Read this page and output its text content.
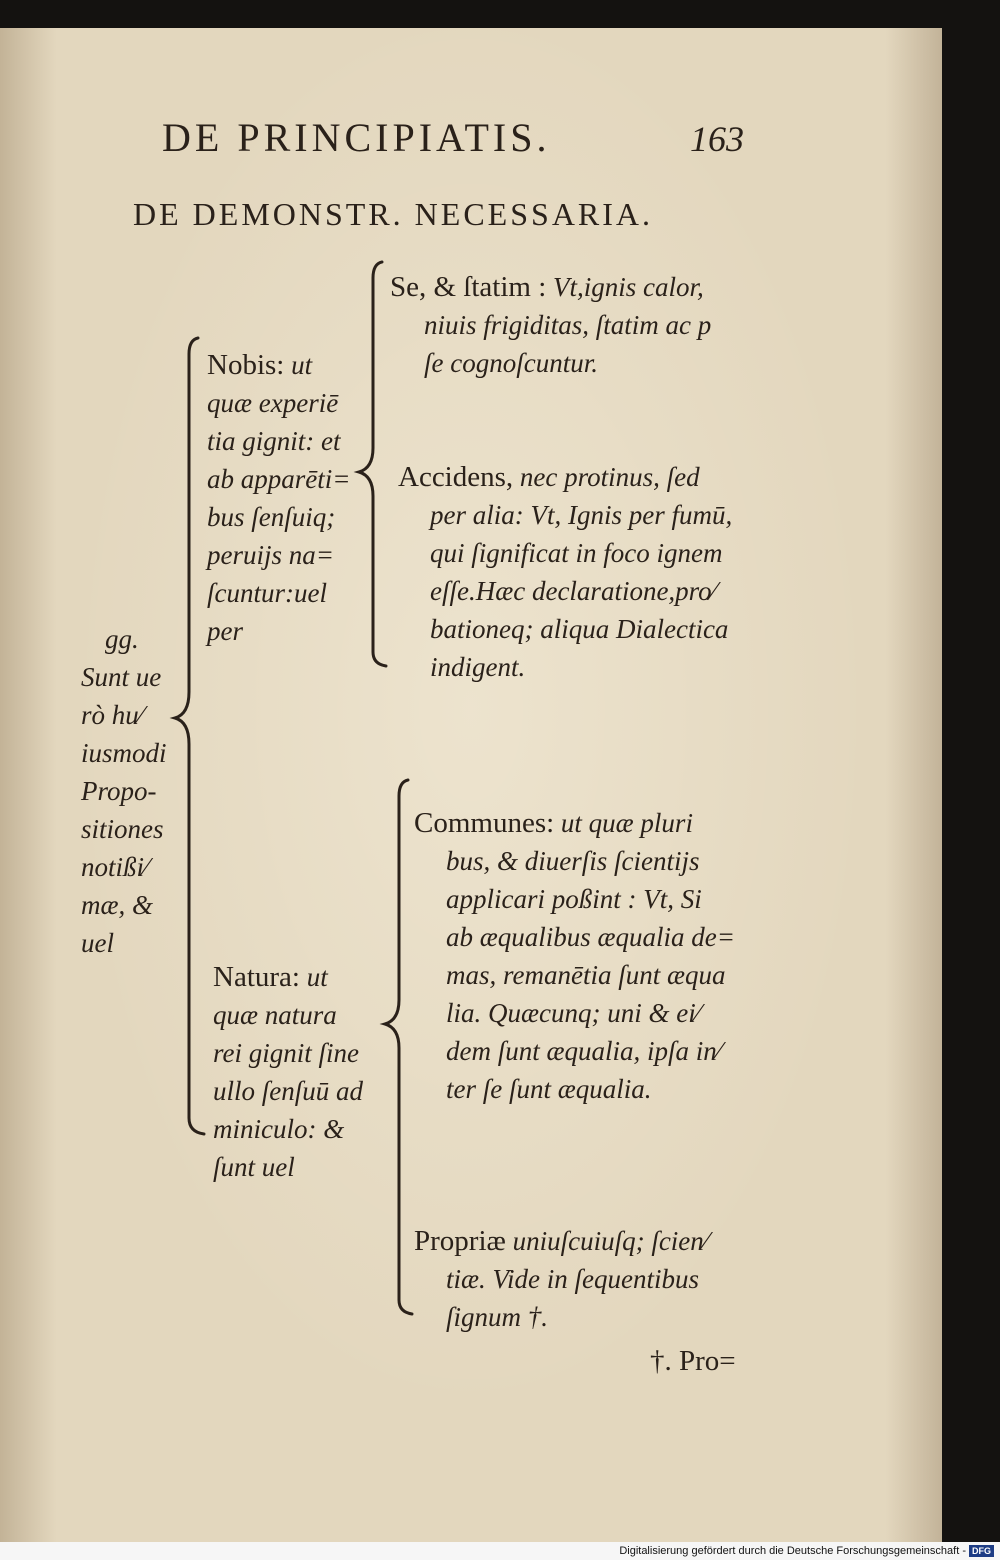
DE PRINCIPIATIS.	163
DE DEMONSTR. NECESSARIA.
gg.
Sunt ue
rò hu⁄
iusmodi
Propo-
sitiones
notißi⁄
mæ, &
uel
Nobis: ut
quæ experiē
tia gignit: et
ab apparēti=
bus ſenſuiq;
peruijs na=
ſcuntur:uel
per
Se, & ſtatim : Vt,ignis calor,
niuis frigiditas, ſtatim ac p
ſe cognoſcuntur.
Accidens, nec protinus, ſed
per alia: Vt, Ignis per fumū,
qui ſignificat in foco ignem
eſſe.Hæc declaratione,pro⁄
bationeq; aliqua Dialectica
indigent.
Natura: ut
quæ natura
rei gignit ſine
ullo ſenſuū ad
miniculo: &
ſunt uel
Communes: ut quæ pluri
bus, & diuerſis ſcientijs
applicari poßint : Vt, Si
ab æqualibus æqualia de=
mas, remanētia ſunt æqua
lia. Quæcunq; uni & ei⁄
dem ſunt æqualia, ipſa in⁄
ter ſe ſunt æqualia.
Propriæ uniuſcuiuſq; ſcien⁄
tiæ. Vide in ſequentibus
ſignum †.
†. Pro=
Digitalisierung gefördert durch die Deutsche Forschungsgemeinschaft - DFG
